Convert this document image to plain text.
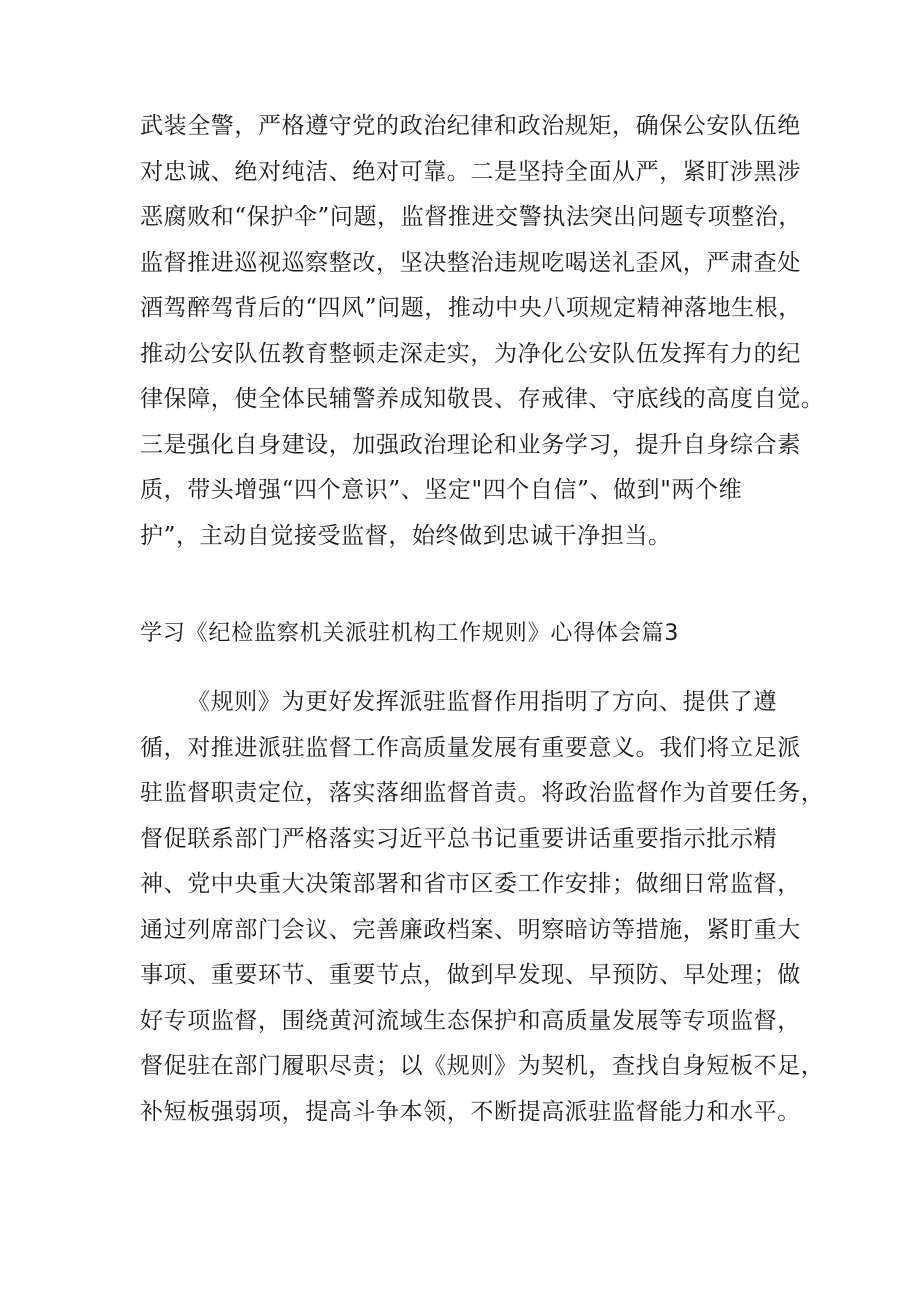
武装全警，严格遵守党的政治纪律和政治规矩，确保公安队伍绝
对忠诚、绝对纯洁、绝对可靠。二是坚持全面从严，紧盯涉黑涉
恶腐败和“保护伞”问题，监督推进交警执法突出问题专项整治，
监督推进巡视巡察整改，坚决整治违规吃喝送礼歪风，严肃查处
酒驾醉驾背后的“四风”问题，推动中央八项规定精神落地生根，
推动公安队伍教育整顿走深走实，为净化公安队伍发挥有力的纪
律保障，使全体民辅警养成知敬畏、存戒律、守底线的高度自觉。
三是强化自身建设，加强政治理论和业务学习，提升自身综合素
质，带头增强“四个意识”、坚定"四个自信”、做到"两个维
护”，主动自觉接受监督，始终做到忠诚干净担当。
学习《纪检监察机关派驻机构工作规则》心得体会篇3
《规则》为更好发挥派驻监督作用指明了方向、提供了遵
循，对推进派驻监督工作高质量发展有重要意义。我们将立足派
驻监督职责定位，落实落细监督首责。将政治监督作为首要任务，
督促联系部门严格落实习近平总书记重要讲话重要指示批示精
神、党中央重大决策部署和省市区委工作安排；做细日常监督，
通过列席部门会议、完善廉政档案、明察暗访等措施，紧盯重大
事项、重要环节、重要节点，做到早发现、早预防、早处理；做
好专项监督，围绕黄河流域生态保护和高质量发展等专项监督，
督促驻在部门履职尽责；以《规则》为契机，查找自身短板不足，
补短板强弱项，提高斗争本领，不断提高派驻监督能力和水平。
